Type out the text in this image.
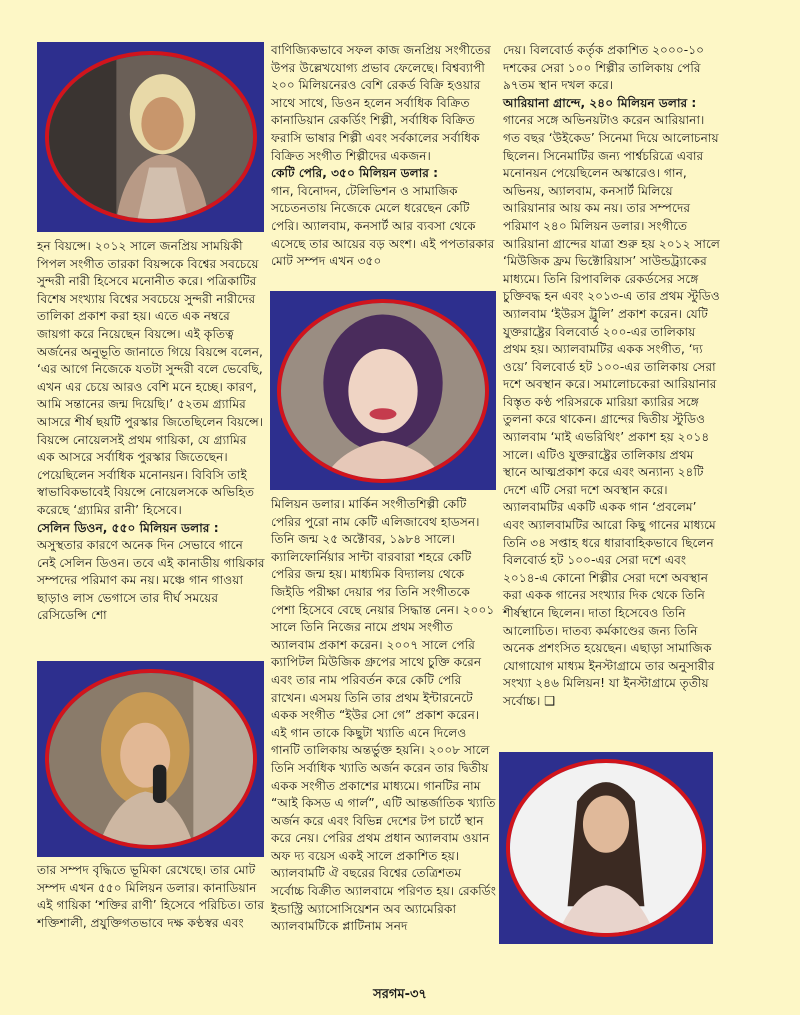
হন বিয়ন্সে। ২০১২ সালে জনপ্রিয় সাময়িকী পিপল সংগীত তারকা বিয়ন্সকে বিশ্বের সবচেয়ে সুন্দরী নারী হিসেবে মনোনীত করে। পত্রিকাটির বিশেষ সংখ্যায় বিশ্বের সবচেয়ে সুন্দরী নারীদের তালিকা প্রকাশ করা হয়। এতে এক নম্বরে জায়গা করে নিয়েছেন বিয়ন্সে। এই কৃতিত্ব অর্জনের অনুভূতি জানাতে গিয়ে বিয়ন্সে বলেন, ‘এর আগে নিজেকে যতটা সুন্দরী বলে ভেবেছি, এখন এর চেয়ে আরও বেশি মনে হচ্ছে। কারণ, আমি সন্তানের জন্ম দিয়েছি।’ ৫২তম গ্র্যামির আসরে শীর্ষ ছয়টি পুরস্কার জিতেছিলেন বিয়ন্সে। বিয়ন্সে নোয়েলসই প্রথম গায়িকা, যে গ্র্যামির এক আসরে সর্বাধিক পুরস্কার জিতেছেন। পেয়েছিলেন সর্বাধিক মনোনয়ন। বিবিসি তাই স্বাভাবিকভাবেই বিয়ন্সে নোয়েলসকে অভিহিত করেছে ‘গ্র্যামির রানী’ হিসেবে।

সেলিন ডিওন, ৫৫০ মিলিয়ন ডলার :

অসুস্থতার কারণে অনেক দিন সেভাবে গানে নেই সেলিন ডিওন। তবে এই কানাডীয় গায়িকার সম্পদের পরিমাণ কম নয়। মঞ্চে গান গাওয়া ছাড়াও লাস ভেগাসে তার দীর্ঘ সময়ের রেসিডেন্সি শো

তার সম্পদ বৃদ্ধিতে ভূমিকা রেখেছে। তার মোট সম্পদ এখন ৫৫০ মিলিয়ন ডলার। কানাডিয়ান এই গায়িকা ‘শক্তির রাণী’ হিসেবে পরিচিত। তার শক্তিশালী, প্রযুক্তিগতভাবে দক্ষ কণ্ঠস্বর এবং

বাণিজ্যিকভাবে সফল কাজ জনপ্রিয় সংগীতের উপর উল্লেখযোগ্য প্রভাব ফেলেছে। বিশ্বব্যাপী ২০০ মিলিয়নেরও বেশি রেকর্ড বিক্রি হওয়ার সাথে সাথে, ডিওন হলেন সর্বাধিক বিক্রিত কানাডিয়ান রেকর্ডিং শিল্পী, সর্বাধিক বিক্রিত ফরাসি ভাষার শিল্পী এবং সর্বকালের সর্বাধিক বিক্রিত সংগীত শিল্পীদের একজন।

কেটি পেরি, ৩৫০ মিলিয়ন ডলার :

গান, বিনোদন, টেলিভিশন ও সামাজিক সচেতনতায় নিজেকে মেলে ধরেছেন কেটি পেরি। অ্যালবাম, কনসার্ট আর ব্যবসা থেকে এসেছে তার আয়ের বড় অংশ। এই পপতারকার মোট সম্পদ এখন ৩৫০

মিলিয়ন ডলার। মার্কিন সংগীতশিল্পী কেটি পেরির পুরো নাম কেটি এলিজাবেথ হাডসন। তিনি জন্ম ২৫ অক্টোবর, ১৯৮৪ সালে। ক্যালিফোর্নিয়ার সান্টা বারবারা শহরে কেটি পেরির জন্ম হয়। মাধ্যমিক বিদ্যালয় থেকে জিইডি পরীক্ষা দেয়ার পর তিনি সংগীতকে পেশা হিসেবে বেছে নেয়ার সিদ্ধান্ত নেন। ২০০১ সালে তিনি নিজের নামে প্রথম সংগীত অ্যালবাম প্রকাশ করেন। ২০০৭ সালে পেরি ক্যাপিটল মিউজিক গ্রুপের সাথে চুক্তি করেন এবং তার নাম পরিবর্তন করে কেটি পেরি রাখেন। এসময় তিনি তার প্রথম ইন্টারনেটে একক সংগীত “ইউর সো গে” প্রকাশ করেন। এই গান তাকে কিছুটা খ্যাতি এনে দিলেও গানটি তালিকায় অন্তর্ভুক্ত হয়নি। ২০০৮ সালে তিনি সর্বাধিক খ্যাতি অর্জন করেন তার দ্বিতীয় একক সংগীত প্রকাশের মাধ্যমে। গানটির নাম “আই কিসড এ গার্ল”, এটি আন্তর্জাতিক খ্যাতি অর্জন করে এবং বিভিন্ন দেশের টপ চার্টে স্থান করে নেয়। পেরির প্রথম প্রধান অ্যালবাম ওয়ান অফ দ্য বয়েস একই সালে প্রকাশিত হয়। অ্যালবামটি ঐ বছরের বিশ্বের তেত্রিশতম সর্বোচ্চ বিক্রীত অ্যালবামে পরিণত হয়। রেকর্ডিং ইন্ডাস্ট্রি অ্যাসোসিয়েশন অব অ্যামেরিকা অ্যালবামটিকে প্লাটিনাম সনদ

দেয়। বিলবোর্ড কর্তৃক প্রকাশিত ২০০০-১০ দশকের সেরা ১০০ শিল্পীর তালিকায় পেরি ৯৭তম স্থান দখল করে।

আরিয়ানা গ্রান্দে, ২৪০ মিলিয়ন ডলার :

গানের সঙ্গে অভিনয়টাও করেন আরিয়ানা। গত বছর ‘উইকেড’ সিনেমা দিয়ে আলোচনায় ছিলেন। সিনেমাটির জন্য পার্শ্বচরিত্রে এবার মনোনয়ন পেয়েছিলেন অস্কারেও। গান, অভিনয়, অ্যালবাম, কনসার্ট মিলিয়ে আরিয়ানার আয় কম নয়। তার সম্পদের পরিমাণ ২৪০ মিলিয়ন ডলার। সংগীতে আরিয়ানা গ্রান্দের যাত্রা শুরু হয় ২০১২ সালে ‘মিউজিক ফ্রম ভিক্টোরিয়াস’ সাউন্ডট্র্যাকের মাধ্যমে। তিনি রিপাবলিক রেকর্ডসের সঙ্গে চুক্তিবদ্ধ হন এবং ২০১৩-এ তার প্রথম স্টুডিও অ্যালবাম ‘ইউরস ট্রুলি’ প্রকাশ করেন। যেটি যুক্তরাষ্ট্রের বিলবোর্ড ২০০-এর তালিকায় প্রথম হয়। অ্যালবামটির একক সংগীত, ‘দ্য ওয়ে’ বিলবোর্ড হট ১০০-এর তালিকায় সেরা দশে অবস্থান করে। সমালোচকেরা আরিয়ানার বিস্তৃত কণ্ঠ পরিসরকে মারিয়া ক্যারির সঙ্গে তুলনা করে থাকেন। গ্রান্দের দ্বিতীয় স্টুডিও অ্যালবাম ‘মাই এভরিথিং’ প্রকাশ হয় ২০১৪ সালে। এটিও যুক্তরাষ্ট্রের তালিকায় প্রথম স্থানে আত্মপ্রকাশ করে এবং অন্যান্য ২৪টি দেশে এটি সেরা দশে অবস্থান করে। অ্যালবামটির একটি একক গান ‘প্রবলেম’ এবং অ্যালবামটির আরো কিছু গানের মাধ্যমে তিনি ৩৪ সপ্তাহ ধরে ধারাবাহিকভাবে ছিলেন বিলবোর্ড হট ১০০-এর সেরা দশে এবং ২০১৪-এ কোনো শিল্পীর সেরা দশে অবস্থান করা একক গানের সংখ্যার দিক থেকে তিনি শীর্ষস্থানে ছিলেন। দাতা হিসেবেও তিনি আলোচিত। দাতব্য কর্মকাণ্ডের জন্য তিনি অনেক প্রশংসিত হয়েছেন। এছাড়া সামাজিক যোগাযোগ মাধ্যম ইনস্টাগ্রামে তার অনুসারীর সংখ্যা ২৪৬ মিলিয়ন! যা ইনস্টাগ্রামে তৃতীয় সর্বোচ্চ। ❑

সরগম-৩৭
